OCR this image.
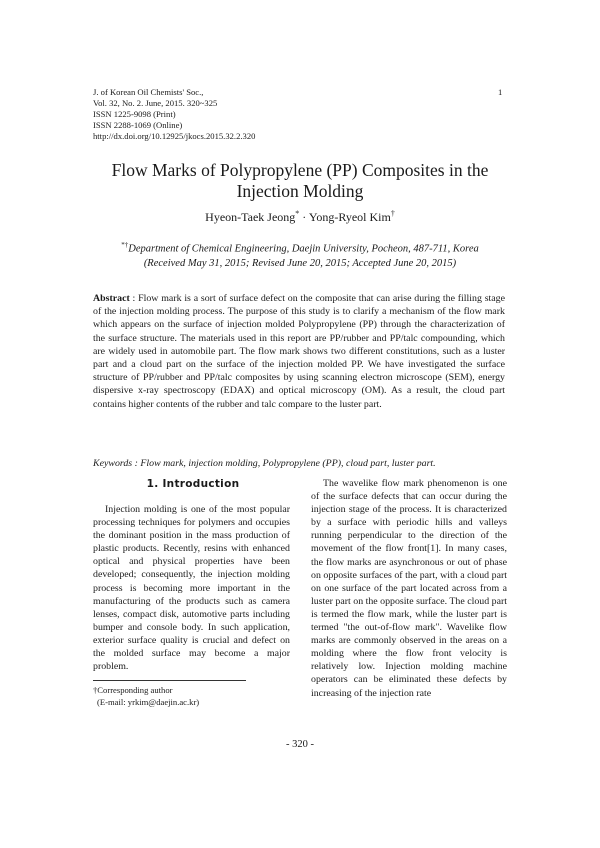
J. of Korean Oil Chemists' Soc.,
Vol. 32, No. 2. June, 2015. 320~325
ISSN 1225-9098 (Print)
ISSN 2288-1069 (Online)
http://dx.doi.org/10.12925/jkocs.2015.32.2.320
1
Flow Marks of Polypropylene (PP) Composites in the
Injection Molding
Hyeon-Taek Jeong* · Yong-Ryeol Kim†
*†Department of Chemical Engineering, Daejin University, Pocheon, 487-711, Korea
(Received May 31, 2015; Revised June 20, 2015; Accepted June 20, 2015)
Abstract : Flow mark is a sort of surface defect on the composite that can arise during the filling stage of the injection molding process. The purpose of this study is to clarify a mechanism of the flow mark which appears on the surface of injection molded Polypropylene (PP) through the characterization of the surface structure. The materials used in this report are PP/rubber and PP/talc compounding, which are widely used in automobile part. The flow mark shows two different constitutions, such as a luster part and a cloud part on the surface of the injection molded PP. We have investigated the surface structure of PP/rubber and PP/talc composites by using scanning electron microscope (SEM), energy dispersive x-ray spectroscopy (EDAX) and optical microscopy (OM). As a result, the cloud part contains higher contents of the rubber and talc compare to the luster part.
Keywords : Flow mark, injection molding, Polypropylene (PP), cloud part, luster part.
1. Introduction
Injection molding is one of the most popular processing techniques for polymers and occupies the dominant position in the mass production of plastic products. Recently, resins with enhanced optical and physical properties have been developed; consequently, the injection molding process is becoming more important in the manufacturing of the products such as camera lenses, compact disk, automotive parts including bumper and console body. In such application, exterior surface quality is crucial and defect on the molded surface may become a major problem.
The wavelike flow mark phenomenon is one of the surface defects that can occur during the injection stage of the process. It is characterized by a surface with periodic hills and valleys running perpendicular to the direction of the movement of the flow front[1]. In many cases, the flow marks are asynchronous or out of phase on opposite surfaces of the part, with a cloud part on one surface of the part located across from a luster part on the opposite surface. The cloud part is termed the flow mark, while the luster part is termed "the out-of-flow mark". Wavelike flow marks are commonly observed in the areas on a molding where the flow front velocity is relatively low. Injection molding machine operators can be eliminated these defects by increasing of the injection rate
†Corresponding author
(E-mail: yrkim@daejin.ac.kr)
- 320 -
